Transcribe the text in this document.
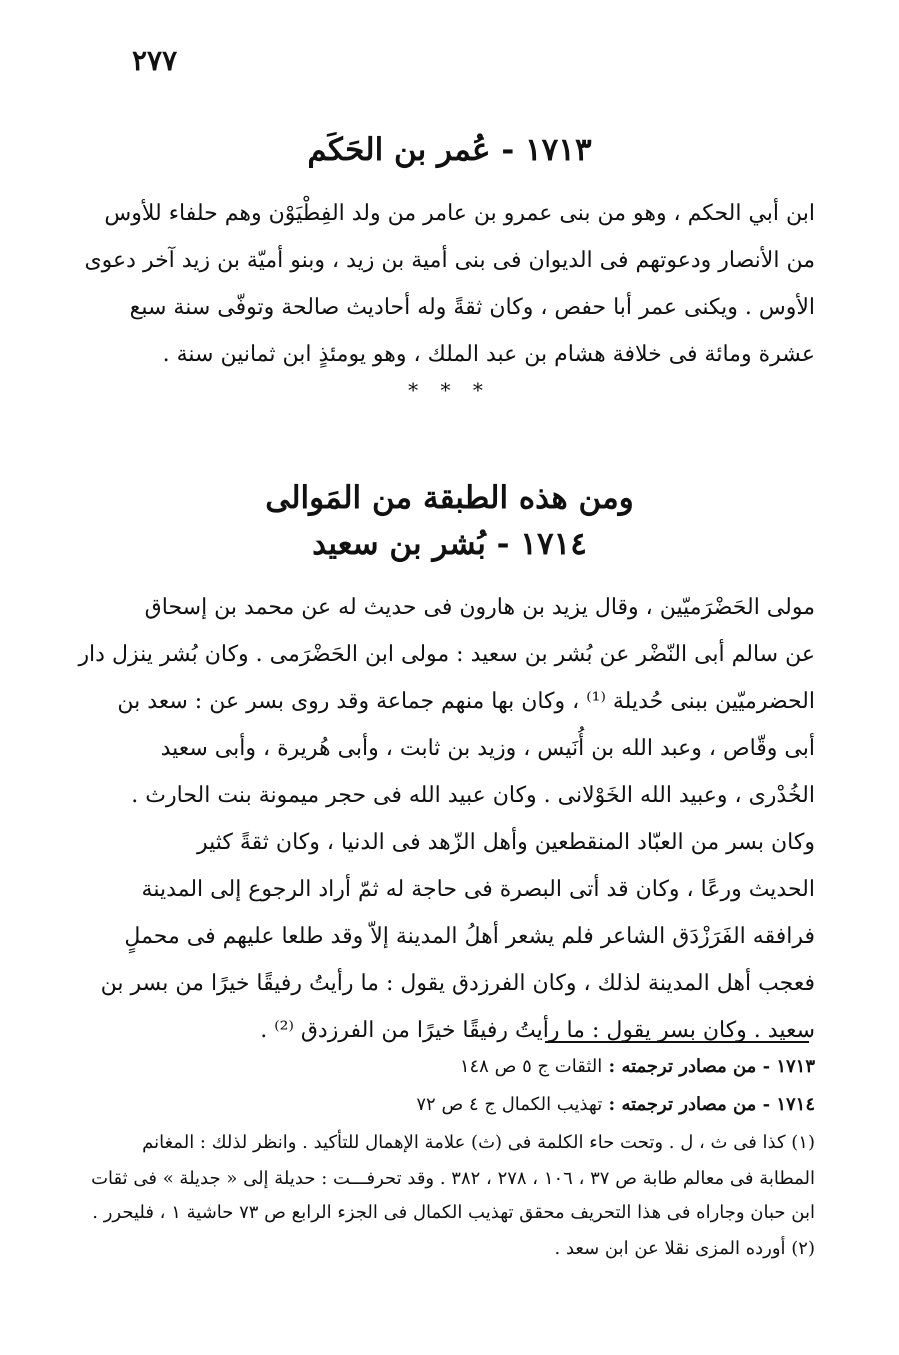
٢٧٧
١٧١٣ - عُمر بن الحَكَم
ابن أبي الحكم ، وهو من بنى عمرو بن عامر من ولد الفِطْيَوْن وهم حلفاء للأوس
من الأنصار ودعوتهم فى الديوان فى بنى أمية بن زيد ، وبنو أميّة بن زيد آخر دعوى
الأوس . ويكنى عمر أبا حفص ، وكان ثقةً وله أحاديث صالحة وتوفّى سنة سبع
عشرة ومائة فى خلافة هشام بن عبد الملك ، وهو يومئذٍ ابن ثمانين سنة .
* * *
ومن هذه الطبقة من المَوالى
١٧١٤ - بُشر بن سعيد
مولى الحَضْرَميّين ، وقال يزيد بن هارون فى حديث له عن محمد بن إسحاق
عن سالم أبى النّضْر عن بُشر بن سعيد : مولى ابن الحَضْرَمى . وكان بُشر ينزل دار
الحضرميّين ببنى حُديلة ⁽¹⁾ ، وكان بها منهم جماعة وقد روى بسر عن : سعد بن
أبى وقّاص ، وعبد الله بن أُنَيس ، وزيد بن ثابت ، وأبى هُريرة ، وأبى سعيد
الخُدْرى ، وعبيد الله الخَوْلانى . وكان عبيد الله فى حجر ميمونة بنت الحارث .
وكان بسر من العبّاد المنقطعين وأهل الزّهد فى الدنيا ، وكان ثقةً كثير
الحديث ورعًا ، وكان قد أتى البصرة فى حاجة له ثمّ أراد الرجوع إلى المدينة
فرافقه الفَرَزْدَق الشاعر فلم يشعر أهلُ المدينة إلاّ وقد طلعا عليهم فى محملٍ
فعجب أهل المدينة لذلك ، وكان الفرزدق يقول : ما رأيتُ رفيقًا خيرًا من بسر بن
سعيد . وكان بسر يقول : ما رأيتُ رفيقًا خيرًا من الفرزدق ⁽²⁾ .
١٧١٣ - من مصادر ترجمته : الثقات ج ٥ ص ١٤٨
١٧١٤ - من مصادر ترجمته : تهذيب الكمال ج ٤ ص ٧٢
(١) كذا فى ث ، ل . وتحت حاء الكلمة فى (ث) علامة الإهمال للتأكيد . وانظر لذلك : المغانم
المطابة فى معالم طابة ص ٣٧ ، ١٠٦ ، ٢٧٨ ، ٣٨٢ . وقد تحرفـــت : حديلة إلى « جديلة » فى ثقات
ابن حبان وجاراه فى هذا التحريف محقق تهذيب الكمال فى الجزء الرابع ص ٧٣ حاشية ١ ، فليحرر .
(٢) أورده المزى نقلا عن ابن سعد .
